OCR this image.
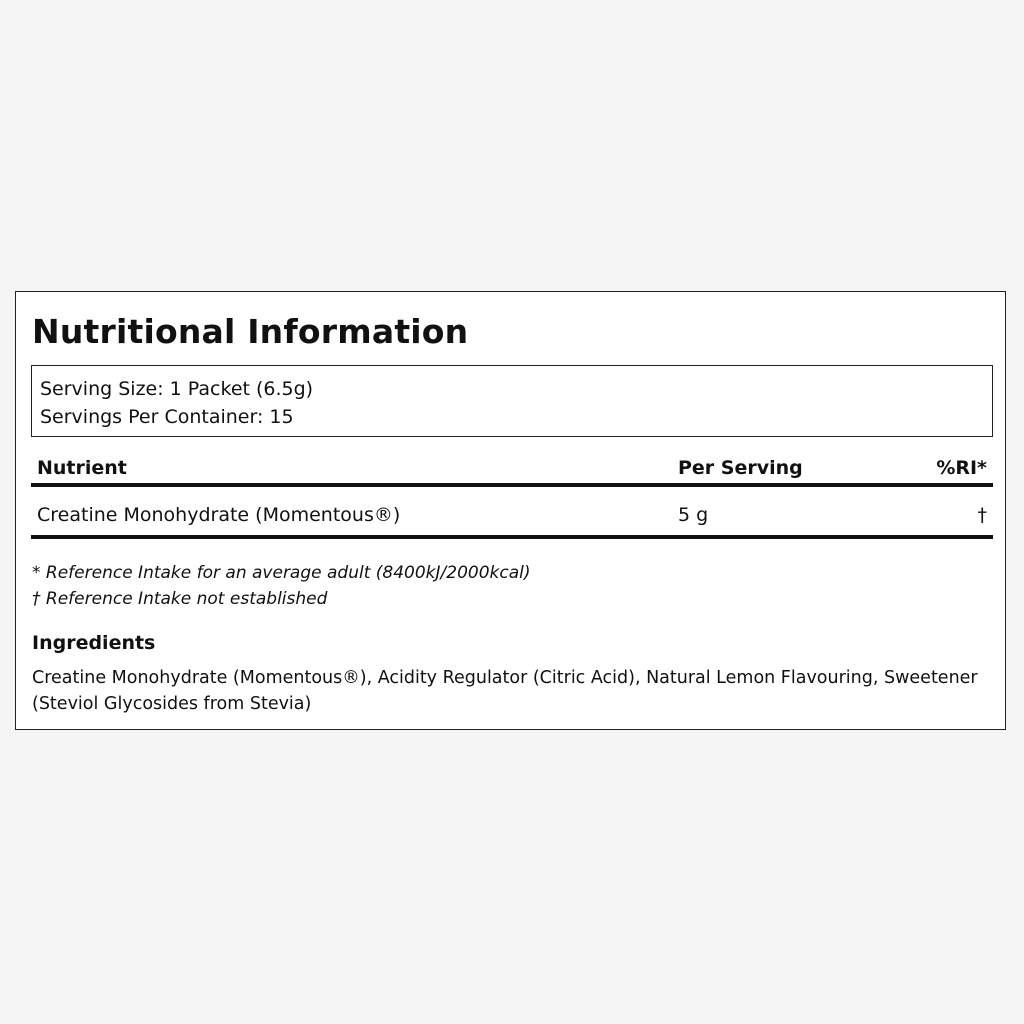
Nutritional Information
Serving Size: 1 Packet (6.5g)
Servings Per Container: 15
Nutrient	Per Serving	%RI*
Creatine Monohydrate (Momentous®)	5 g	†
* Reference Intake for an average adult (8400kJ/2000kcal)
† Reference Intake not established
Ingredients
Creatine Monohydrate (Momentous®), Acidity Regulator (Citric Acid), Natural Lemon Flavouring, Sweetener (Steviol Glycosides from Stevia)
